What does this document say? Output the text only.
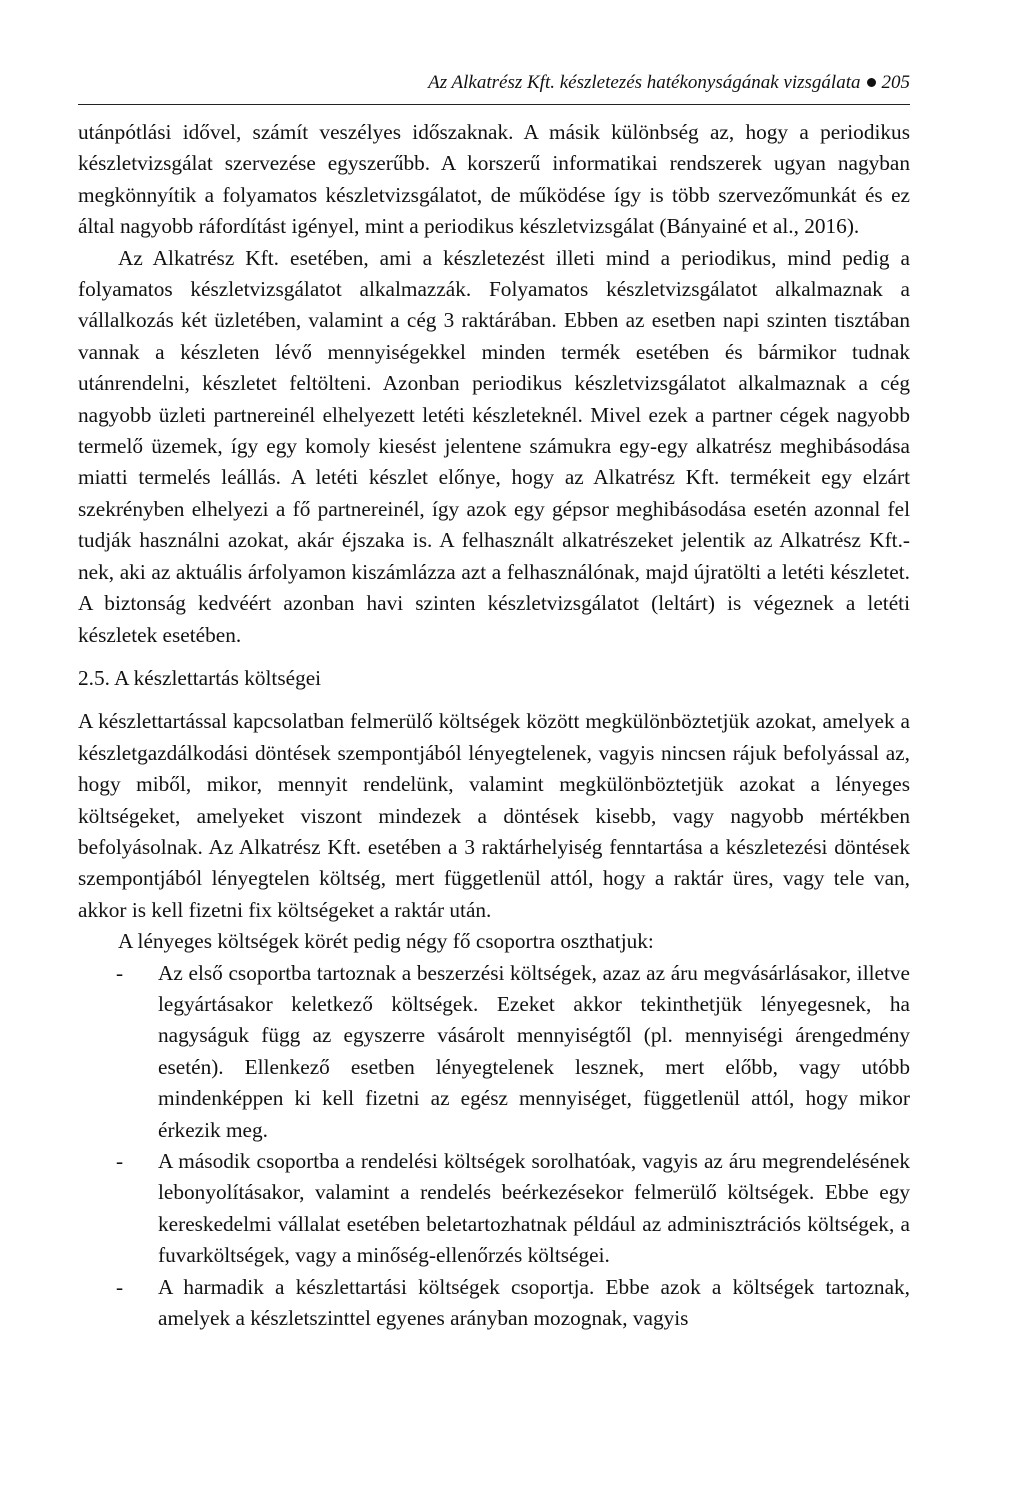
Az Alkatrész Kft. készletezés hatékonyságának vizsgálata 205

utánpótlási idővel, számít veszélyes időszaknak. A másik különbség az, hogy a periodikus készletvizsgálat szervezése egyszerűbb. A korszerű informatikai rendszerek ugyan nagyban megkönnyítik a folyamatos készletvizsgálatot, de működése így is több szervezőmunkát és ez által nagyobb ráfordítást igényel, mint a periodikus készletvizsgálat (Bányainé et al., 2016).

Az Alkatrész Kft. esetében, ami a készletezést illeti mind a periodikus, mind pedig a folyamatos készletvizsgálatot alkalmazzák. Folyamatos készletvizsgálatot alkalmaznak a vállalkozás két üzletében, valamint a cég 3 raktárában. Ebben az esetben napi szinten tisztában vannak a készleten lévő mennyiségekkel minden termék esetében és bármikor tudnak utánrendelni, készletet feltölteni. Azonban periodikus készletvizsgálatot alkalmaznak a cég nagyobb üzleti partnereinél elhelyezett letéti készleteknél. Mivel ezek a partner cégek nagyobb termelő üzemek, így egy komoly kiesést jelentene számukra egy-egy alkatrész meghibásodása miatti termelés leállás. A letéti készlet előnye, hogy az Alkatrész Kft. termékeit egy elzárt szekrényben elhelyezi a fő partnereinél, így azok egy gépsor meghibásodása esetén azonnal fel tudják használni azokat, akár éjszaka is. A felhasznált alkatrészeket jelentik az Alkatrész Kft.-nek, aki az aktuális árfolyamon kiszámlázza azt a felhasználónak, majd újratölti a letéti készletet. A biztonság kedvéért azonban havi szinten készletvizsgálatot (leltárt) is végeznek a letéti készletek esetében.

2.5. A készlettartás költségei

A készlettartással kapcsolatban felmerülő költségek között megkülönböztetjük azokat, amelyek a készletgazdálkodási döntések szempontjából lényegtelenek, vagyis nincsen rájuk befolyással az, hogy miből, mikor, mennyit rendelünk, valamint megkülönböztetjük azokat a lényeges költségeket, amelyeket viszont mindezek a döntések kisebb, vagy nagyobb mértékben befolyásolnak. Az Alkatrész Kft. esetében a 3 raktárhelyiség fenntartása a készletezési döntések szempontjából lényegtelen költség, mert függetlenül attól, hogy a raktár üres, vagy tele van, akkor is kell fizetni fix költségeket a raktár után.

A lényeges költségek körét pedig négy fő csoportra oszthatjuk:

- Az első csoportba tartoznak a beszerzési költségek, azaz az áru megvásárlásakor, illetve legyártásakor keletkező költségek. Ezeket akkor tekinthetjük lényegesnek, ha nagyságuk függ az egyszerre vásárolt mennyiségtől (pl. mennyiségi árengedmény esetén). Ellenkező esetben lényegtelenek lesznek, mert előbb, vagy utóbb mindenképpen ki kell fizetni az egész mennyiséget, függetlenül attól, hogy mikor érkezik meg.
- A második csoportba a rendelési költségek sorolhatóak, vagyis az áru megrendelésének lebonyolításakor, valamint a rendelés beérkezésekor felmerülő költségek. Ebbe egy kereskedelmi vállalat esetében beletartozhatnak például az adminisztrációs költségek, a fuvarköltségek, vagy a minőség-ellenőrzés költségei.
- A harmadik a készlettartási költségek csoportja. Ebbe azok a költségek tartoznak, amelyek a készletszinttel egyenes arányban mozognak, vagyis
